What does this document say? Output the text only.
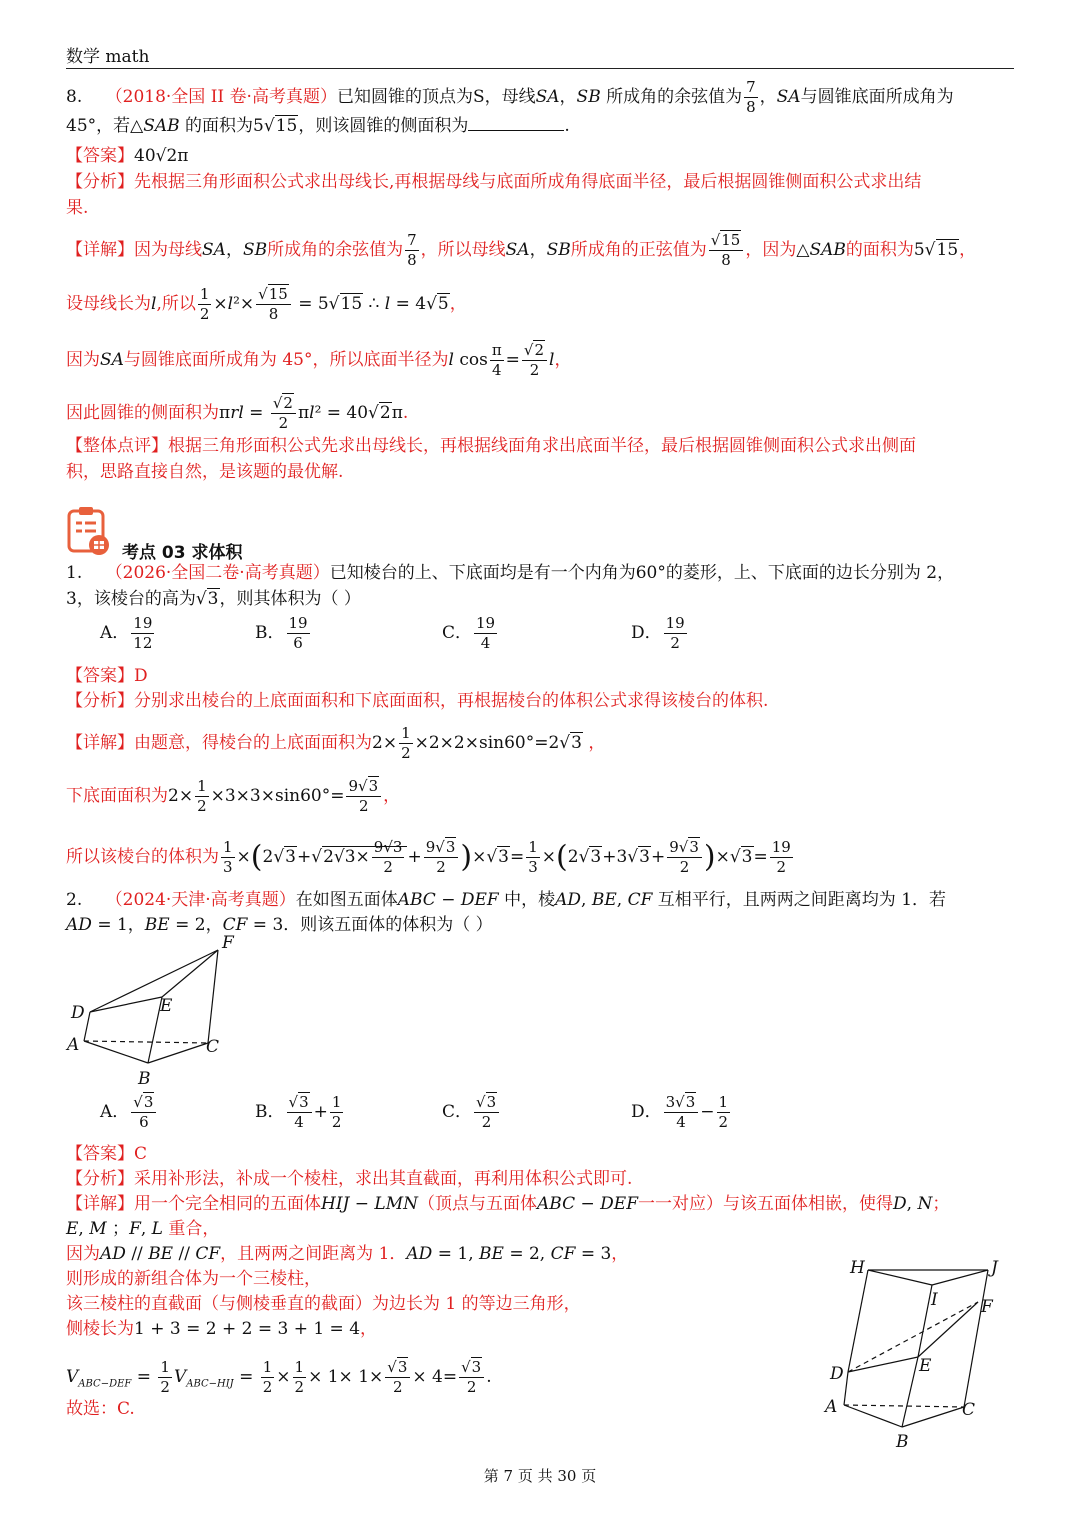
数学 math
8. （2018·全国 II 卷·高考真题）已知圆锥的顶点为S，母线SA，SB 所成角的余弦值为 $\frac{7}{8}$ ，SA与圆锥底面所成角为
45°，若△SAB 的面积为5√15，则该圆锥的侧面积为	.
【答案】40√2π
【分析】先根据三角形面积公式求出母线长,再根据母线与底面所成角得底面半径，最后根据圆锥侧面积公式求出结
果.
【详解】因为母线SA，SB所成角的余弦值为 $\frac{7}{8}$ ，所以母线SA，SB所成角的正弦值为 $\frac{√15}{8}$ ，因为△SAB的面积为5√15，
设母线长为l,所以 $\frac{1}{2} \times l^2\times \frac{√15}{8} = 5√15$ ∴ l = 4√5，
因为SA与圆锥底面所成角为 45°，所以底面半径为l $\cos \frac{\pi}{4} = \frac{√2}{2}$ l，
因此圆锥的侧面积为$\pi rl = \frac{√2}{2} \pi l^2 = 40√2\pi$.
【整体点评】根据三角形面积公式先求出母线长，再根据线面角求出底面半径，最后根据圆锥侧面积公式求出侧面
积，思路直接自然，是该题的最优解.
考点 03 求体积
1. （2026·全国二卷·高考真题）已知棱台的上、下底面均是有一个内角为60°的菱形，上、下底面的边长分别为 2，
3，该棱台的高为√3，则其体积为（ ）
A． $\frac{19}{12}$	B． $\frac{19}{6}$	C． $\frac{19}{4}$	D． $\frac{19}{2}$
【答案】D
【分析】分别求出棱台的上底面面积和下底面面积，再根据棱台的体积公式求得该棱台的体积.
【详解】由题意，得棱台的上底面面积为$2\times \frac{1}{2} \times 2\times 2\times\sin 60^\circ=2√3$ ，
下底面面积为$2\times \frac{1}{2} \times 3\times 3\times\sin 60^\circ= \frac{9√3}{2}$ ，
所以该棱台的体积为 $\frac{1}{3} \times(2√3+√2√3\times \frac{9√3}{2} + \frac{9√3}{2} )\times√3= \frac{1}{3} \times(2√3+3√3+ \frac{9√3}{2} )\times√3= \frac{19}{2}$
2. （2024·天津·高考真题）在如图五面体ABC − DEF 中，棱AD, BE, CF 互相平行，且两两之间距离均为 1．若
AD = 1，BE = 2，CF = 3．则该五面体的体积为（ ）
F
D	E
A	C
B
A． $\frac{√3}{6}$	B． $\frac{√3}{4} + \frac{1}{2}$	C． $\frac{√3}{2}$	D． $\frac{3√3}{4} - \frac{1}{2}$
【答案】C
【分析】采用补形法，补成一个棱柱，求出其直截面，再利用体积公式即可.
【详解】用一个完全相同的五面体HIJ − LMN（顶点与五面体ABC − DEF一一对应）与该五面体相嵌，使得D, N；
E, M ；F, L 重合，
因为AD // BE // CF，且两两之间距离为 1．AD = 1, BE = 2, CF = 3，
则形成的新组合体为一个三棱柱，
该三棱柱的直截面（与侧棱垂直的截面）为边长为 1 的等边三角形，
侧棱长为1 + 3 = 2 + 2 = 3 + 1 = 4，
$V_{ABC-DEF} = \frac{1}{2} V_{ABC-HIJ} = \frac{1}{2} \times \frac{1}{2} \times 1\times 1\times \frac{√3}{2} \times 4= \frac{√3}{2}$ .
故选：C.
H	J
I	F
D	E
A	C
B
第 7 页 共 30 页
